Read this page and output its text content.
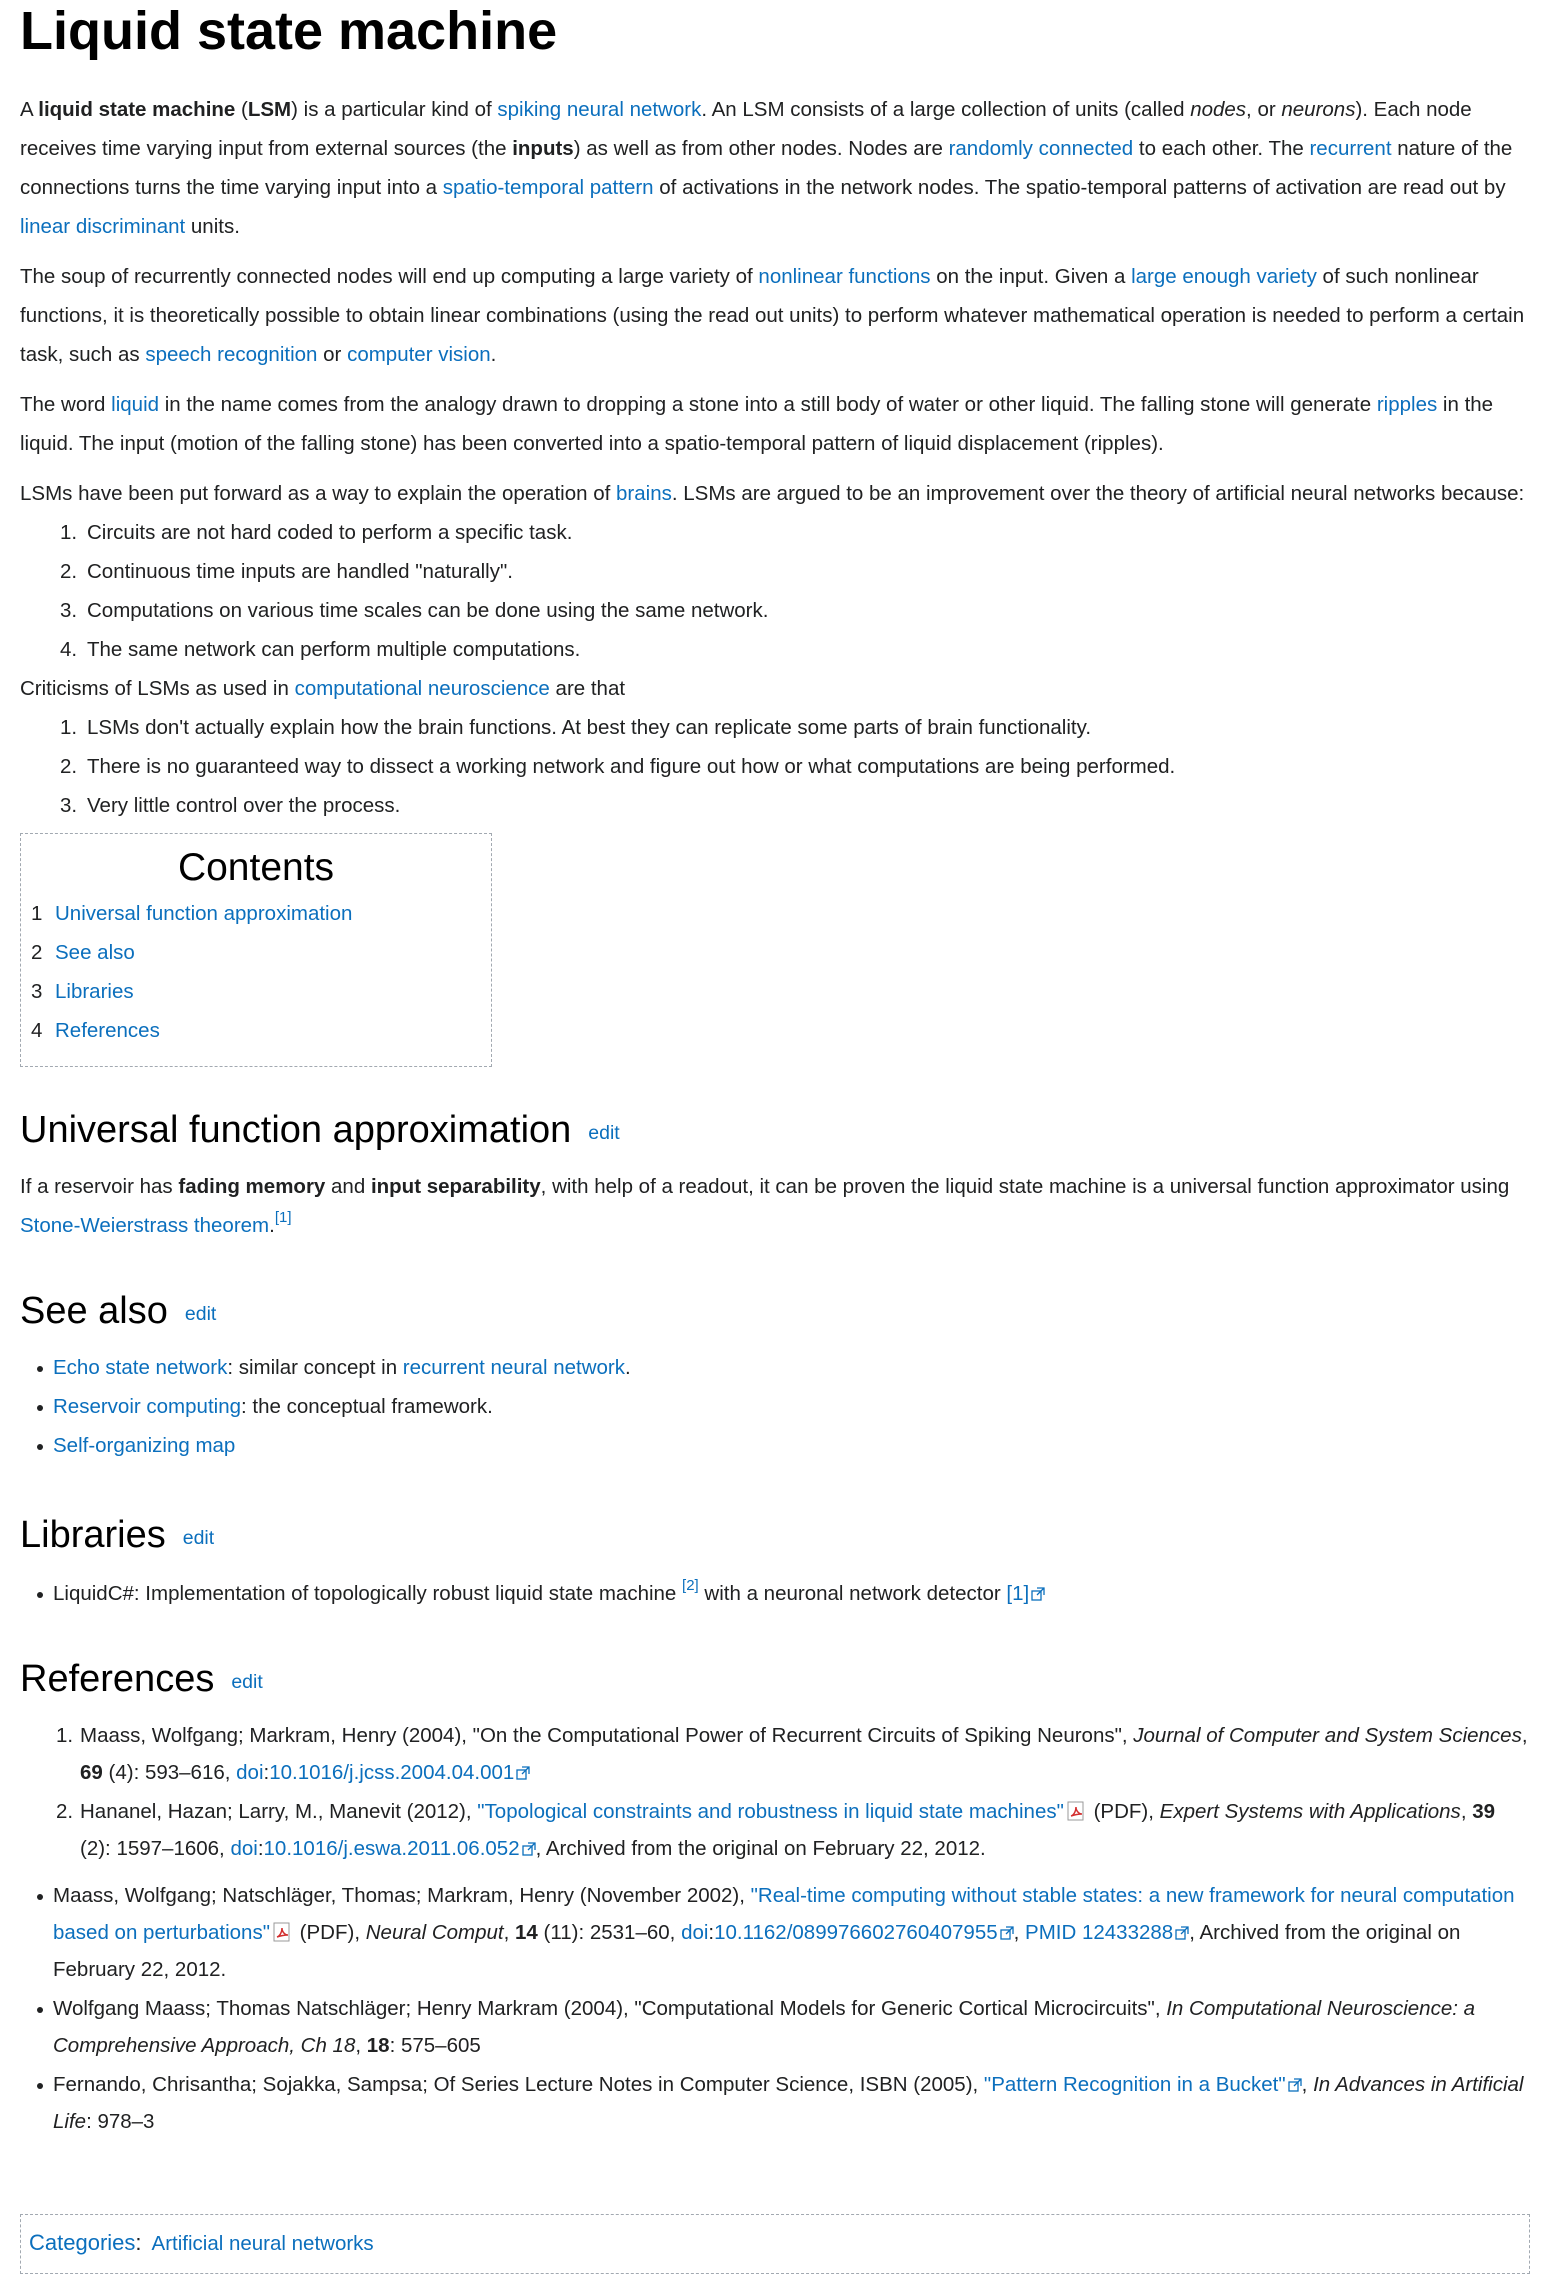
Liquid state machine

A liquid state machine (LSM) is a particular kind of spiking neural network. An LSM consists of a large collection of units (called nodes, or neurons). Each node receives time varying input from external sources (the inputs) as well as from other nodes. Nodes are randomly connected to each other. The recurrent nature of the connections turns the time varying input into a spatio-temporal pattern of activations in the network nodes. The spatio-temporal patterns of activation are read out by linear discriminant units.

The soup of recurrently connected nodes will end up computing a large variety of nonlinear functions on the input. Given a large enough variety of such nonlinear functions, it is theoretically possible to obtain linear combinations (using the read out units) to perform whatever mathematical operation is needed to perform a certain task, such as speech recognition or computer vision.

The word liquid in the name comes from the analogy drawn to dropping a stone into a still body of water or other liquid. The falling stone will generate ripples in the liquid. The input (motion of the falling stone) has been converted into a spatio-temporal pattern of liquid displacement (ripples).

LSMs have been put forward as a way to explain the operation of brains. LSMs are argued to be an improvement over the theory of artificial neural networks because:

1. Circuits are not hard coded to perform a specific task.
2. Continuous time inputs are handled "naturally".
3. Computations on various time scales can be done using the same network.
4. The same network can perform multiple computations.

Criticisms of LSMs as used in computational neuroscience are that

1. LSMs don't actually explain how the brain functions. At best they can replicate some parts of brain functionality.
2. There is no guaranteed way to dissect a working network and figure out how or what computations are being performed.
3. Very little control over the process.
Contents
1 Universal function approximation
2 See also
3 Libraries
4 References
Universal function approximation edit

If a reservoir has fading memory and input separability, with help of a readout, it can be proven the liquid state machine is a universal function approximator using Stone-Weierstrass theorem.[1]

See also edit
Echo state network: similar concept in recurrent neural network.
Reservoir computing: the conceptual framework.
Self-organizing map
Libraries edit
LiquidC#: Implementation of topologically robust liquid state machine [2] with a neuronal network detector [1]
References edit
1. Maass, Wolfgang; Markram, Henry (2004), "On the Computational Power of Recurrent Circuits of Spiking Neurons", Journal of Computer and System Sciences, 69 (4): 593–616, doi:10.1016/j.jcss.2004.04.001
2. Hananel, Hazan; Larry, M., Manevit (2012), "Topological constraints and robustness in liquid state machines" (PDF), Expert Systems with Applications, 39 (2): 1597–1606, doi:10.1016/j.eswa.2011.06.052 , Archived from the original on February 22, 2012.
Maass, Wolfgang; Natschläger, Thomas; Markram, Henry (November 2002), "Real-time computing without stable states: a new framework for neural computation based on perturbations" (PDF), Neural Comput, 14 (11): 2531–60, doi:10.1162/089976602760407955 , PMID 12433288 , Archived from the original on February 22, 2012.
Wolfgang Maass; Thomas Natschläger; Henry Markram (2004), "Computational Models for Generic Cortical Microcircuits", In Computational Neuroscience: a Comprehensive Approach, Ch 18, 18: 575–605
Fernando, Chrisantha; Sojakka, Sampsa; Of Series Lecture Notes in Computer Science, ISBN (2005), "Pattern Recognition in a Bucket" , In Advances in Artificial Life: 978–3
Categories: Artificial neural networks
